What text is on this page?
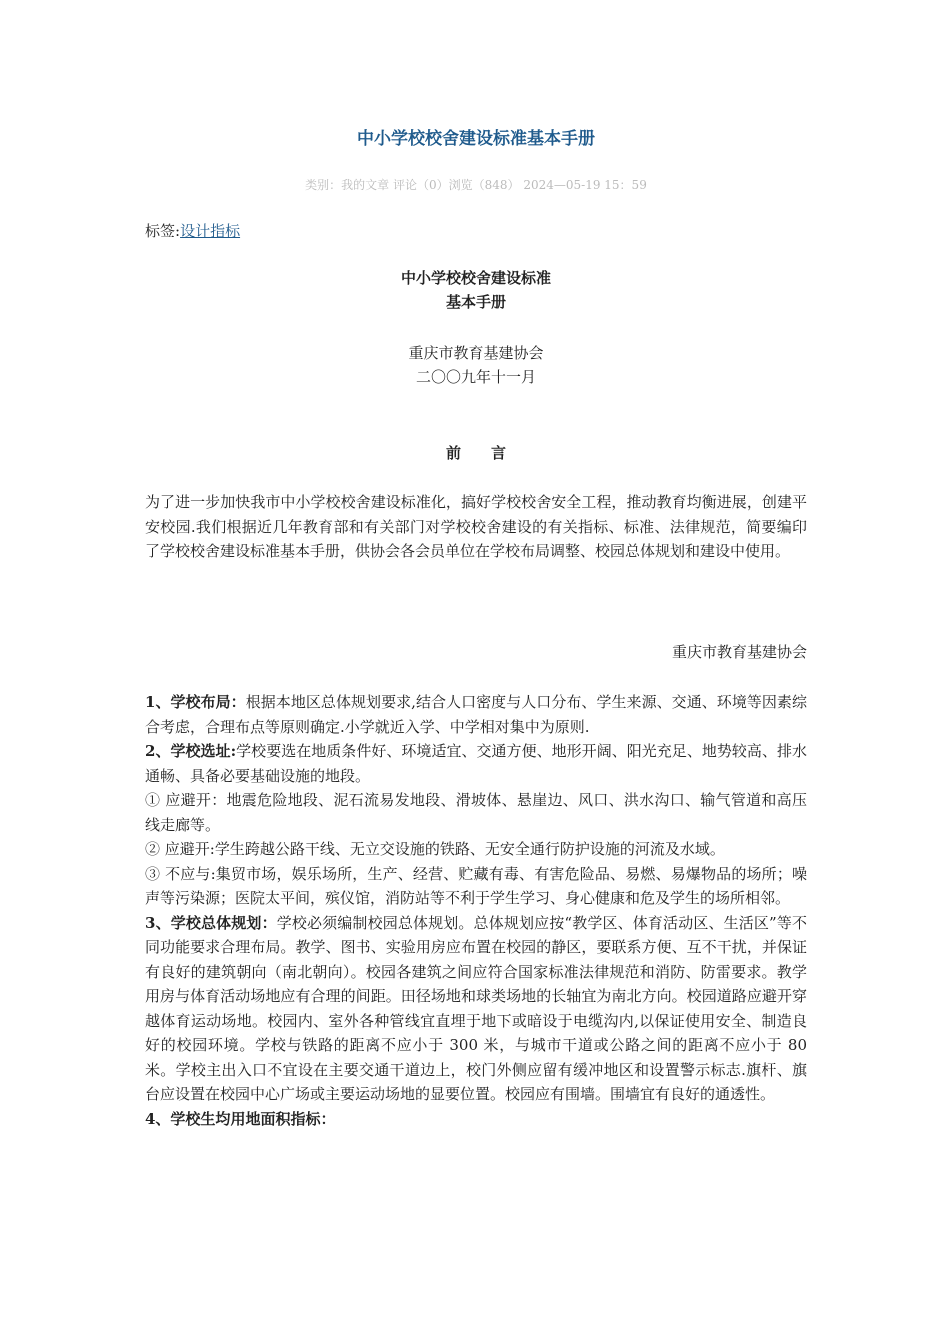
中小学校校舍建设标准基本手册
类别：我的文章 评论（0）浏览（848） 2024—05-19 15：59
标签:设计指标
中小学校校舍建设标准
基本手册
重庆市教育基建协会
二〇〇九年十一月
前　　言

为了进一步加快我市中小学校校舍建设标准化，搞好学校校舍安全工程，推动教育均衡进展，创建平安校园.我们根据近几年教育部和有关部门对学校校舍建设的有关指标、标准、法律规范，简要编印了学校校舍建设标准基本手册，供协会各会员单位在学校布局调整、校园总体规划和建设中使用。

重庆市教育基建协会

1、学校布局：根据本地区总体规划要求,结合人口密度与人口分布、学生来源、交通、环境等因素综合考虑，合理布点等原则确定.小学就近入学、中学相对集中为原则.

2、学校选址:学校要选在地质条件好、环境适宜、交通方便、地形开阔、阳光充足、地势较高、排水通畅、具备必要基础设施的地段。

① 应避开：地震危险地段、泥石流易发地段、滑坡体、悬崖边、风口、洪水沟口、输气管道和高压线走廊等。

② 应避开:学生跨越公路干线、无立交设施的铁路、无安全通行防护设施的河流及水域。

③ 不应与:集贸市场，娱乐场所，生产、经营、贮藏有毒、有害危险品、易燃、易爆物品的场所；噪声等污染源；医院太平间，殡仪馆，消防站等不利于学生学习、身心健康和危及学生的场所相邻。

3、学校总体规划：学校必须编制校园总体规划。总体规划应按“教学区、体育活动区、生活区”等不同功能要求合理布局。教学、图书、实验用房应布置在校园的静区，要联系方便、互不干扰，并保证有良好的建筑朝向（南北朝向）。校园各建筑之间应符合国家标准法律规范和消防、防雷要求。教学用房与体育活动场地应有合理的间距。田径场地和球类场地的长轴宜为南北方向。校园道路应避开穿越体育运动场地。校园内、室外各种管线宜直埋于地下或暗设于电缆沟内,以保证使用安全、制造良好的校园环境。学校与铁路的距离不应小于 300 米，与城市干道或公路之间的距离不应小于 80 米。学校主出入口不宜设在主要交通干道边上，校门外侧应留有缓冲地区和设置警示标志.旗杆、旗台应设置在校园中心广场或主要运动场地的显要位置。校园应有围墙。围墙宜有良好的通透性。

4、学校生均用地面积指标：
